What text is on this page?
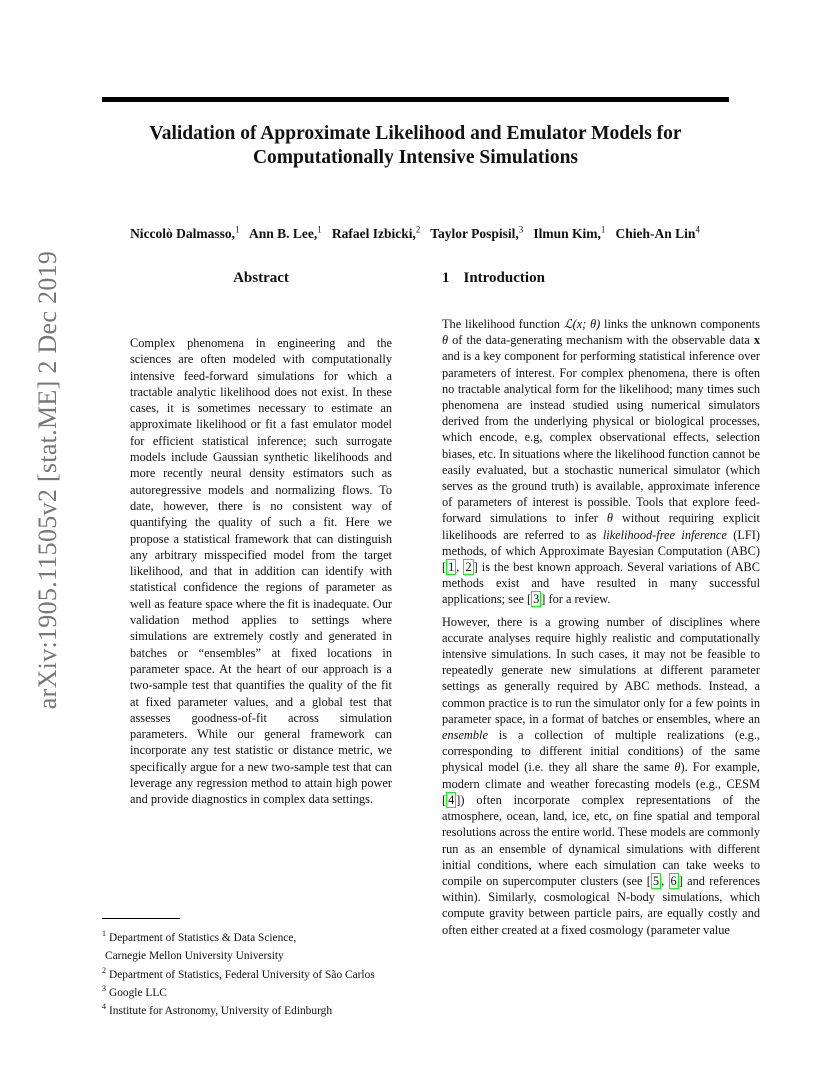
Validation of Approximate Likelihood and Emulator Models for
Computationally Intensive Simulations
Niccolò Dalmasso,$^1$ Ann B. Lee,$^1$ Rafael Izbicki,$^2$ Taylor Pospisil,$^3$ Ilmun Kim,$^1$ Chieh-An Lin$^4$
arXiv:1905.11505v2 [stat.ME] 2 Dec 2019	Abstract
Complex phenomena in engineering and the sciences are often modeled with computationally intensive feed-forward simulations for which a tractable analytic likelihood does not exist. In these cases, it is sometimes necessary to estimate an approximate likelihood or fit a fast emulator model for efficient statistical inference; such surrogate models include Gaussian synthetic likelihoods and more recently neural density estimators such as autoregressive models and normalizing flows. To date, however, there is no consistent way of quantifying the quality of such a fit. Here we propose a statistical framework that can distinguish any arbitrary misspecified model from the target likelihood, and that in addition can identify with statistical confidence the regions of parameter as well as feature space where the fit is inadequate. Our validation method applies to settings where simulations are extremely costly and generated in batches or “ensembles” at fixed locations in parameter space. At the heart of our approach is a two-sample test that quantifies the quality of the fit at fixed parameter values, and a global test that assesses goodness-of-fit across simulation parameters. While our general framework can incorporate any test statistic or distance metric, we specifically argue for a new two-sample test that can leverage any regression method to attain high power and provide diagnostics in complex data settings.
1 Introduction

The likelihood function ℒ(x; θ) links the unknown components θ of the data-generating mechanism with the observable data x and is a key component for performing statistical inference over parameters of interest. For complex phenomena, there is often no tractable analytical form for the likelihood; many times such phenomena are instead studied using numerical simulators derived from the underlying physical or biological processes, which encode, e.g, complex observational effects, selection biases, etc. In situations where the likelihood function cannot be easily evaluated, but a stochastic numerical simulator (which serves as the ground truth) is available, approximate inference of parameters of interest is possible. Tools that explore feed-forward simulations to infer θ without requiring explicit likelihoods are referred to as likelihood-free inference (LFI) methods, of which Approximate Bayesian Computation (ABC) [ 1 , 2 ] is the best known approach. Several variations of ABC methods exist and have resulted in many successful applications; see [ 3 ] for a review.

However, there is a growing number of disciplines where accurate analyses require highly realistic and computationally intensive simulations. In such cases, it may not be feasible to repeatedly generate new simulations at different parameter settings as generally required by ABC methods. Instead, a common practice is to run the simulator only for a few points in parameter space, in a format of batches or ensembles, where an ensemble is a collection of multiple realizations (e.g., corresponding to different initial conditions) of the same physical model (i.e. they all share the same θ). For example, modern climate and weather forecasting models (e.g., CESM [ 4 ]) often incorporate complex representations of the atmosphere, ocean, land, ice, etc, on fine spatial and temporal resolutions across the entire world. These models are commonly run as an ensemble of dynamical simulations with different initial conditions, where each simulation can take weeks to compile on supercomputer clusters (see [ 5 , 6 ] and references within). Similarly, cosmological N-body simulations, which compute gravity between particle pairs, are equally costly and often either created at a fixed cosmology (parameter value

$^1$ Department of Statistics & Data Science,
Carnegie Mellon University University
$^2$ Department of Statistics, Federal University of São Carlos
$^3$ Google LLC
$^4$ Institute for Astronomy, University of Edinburgh
